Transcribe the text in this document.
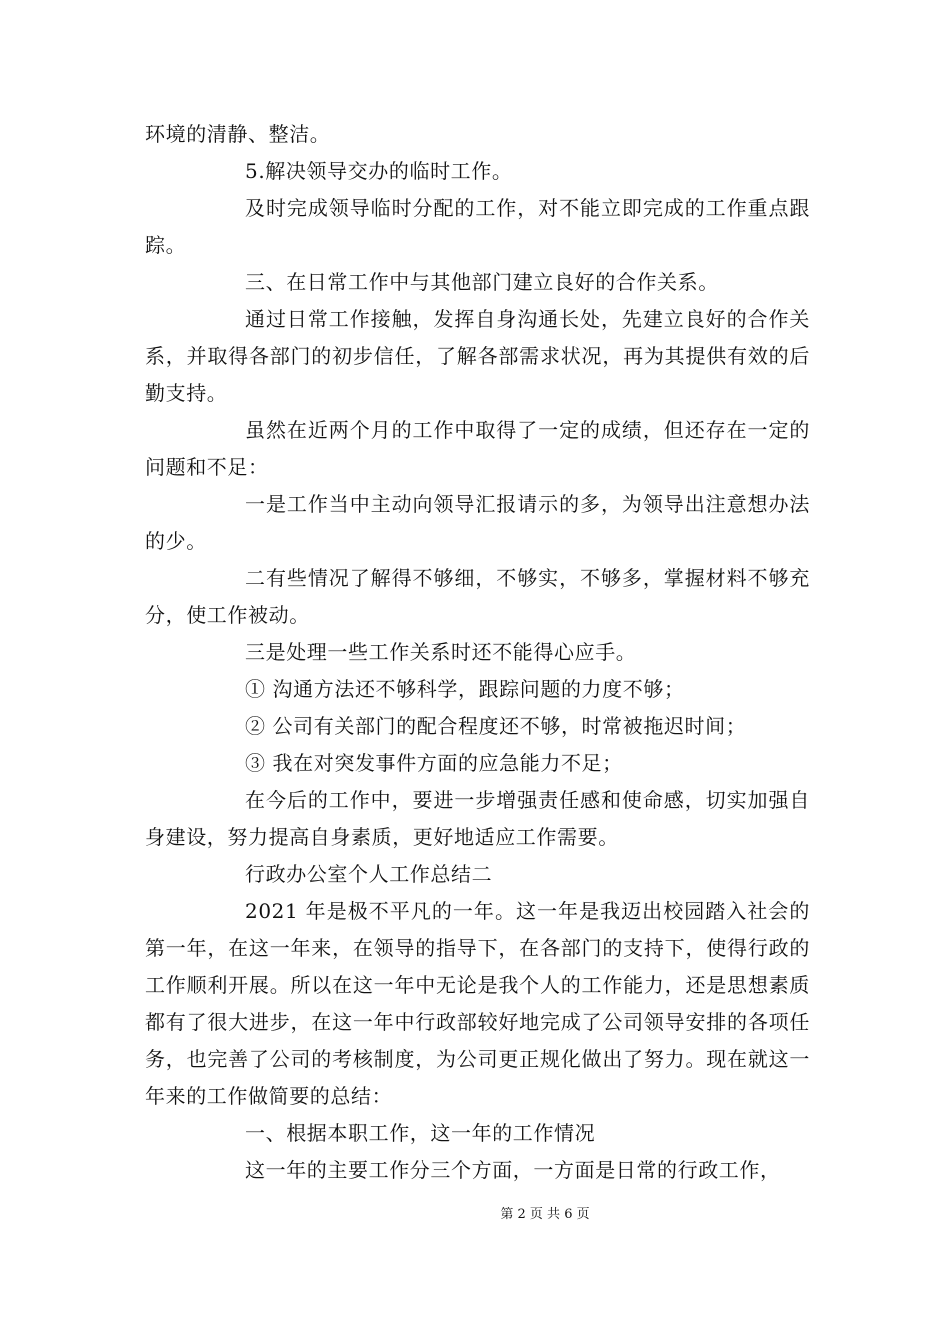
环境的清静、整洁。

5.解决领导交办的临时工作。

及时完成领导临时分配的工作，对不能立即完成的工作重点跟踪。

三、在日常工作中与其他部门建立良好的合作关系。

通过日常工作接触，发挥自身沟通长处，先建立良好的合作关系，并取得各部门的初步信任，了解各部需求状况，再为其提供有效的后勤支持。

虽然在近两个月的工作中取得了一定的成绩，但还存在一定的问题和不足：

一是工作当中主动向领导汇报请示的多，为领导出注意想办法的少。

二有些情况了解得不够细，不够实，不够多，掌握材料不够充分，使工作被动。

三是处理一些工作关系时还不能得心应手。

① 沟通方法还不够科学，跟踪问题的力度不够；

② 公司有关部门的配合程度还不够，时常被拖迟时间；

③ 我在对突发事件方面的应急能力不足；

在今后的工作中，要进一步增强责任感和使命感，切实加强自身建设，努力提高自身素质，更好地适应工作需要。

行政办公室个人工作总结二

2021 年是极不平凡的一年。这一年是我迈出校园踏入社会的第一年，在这一年来，在领导的指导下，在各部门的支持下，使得行政的工作顺利开展。所以在这一年中无论是我个人的工作能力，还是思想素质都有了很大进步，在这一年中行政部较好地完成了公司领导安排的各项任务，也完善了公司的考核制度，为公司更正规化做出了努力。现在就这一年来的工作做简要的总结：

一、根据本职工作，这一年的工作情况

这一年的主要工作分三个方面，一方面是日常的行政工作，

第 2 页 共 6 页
